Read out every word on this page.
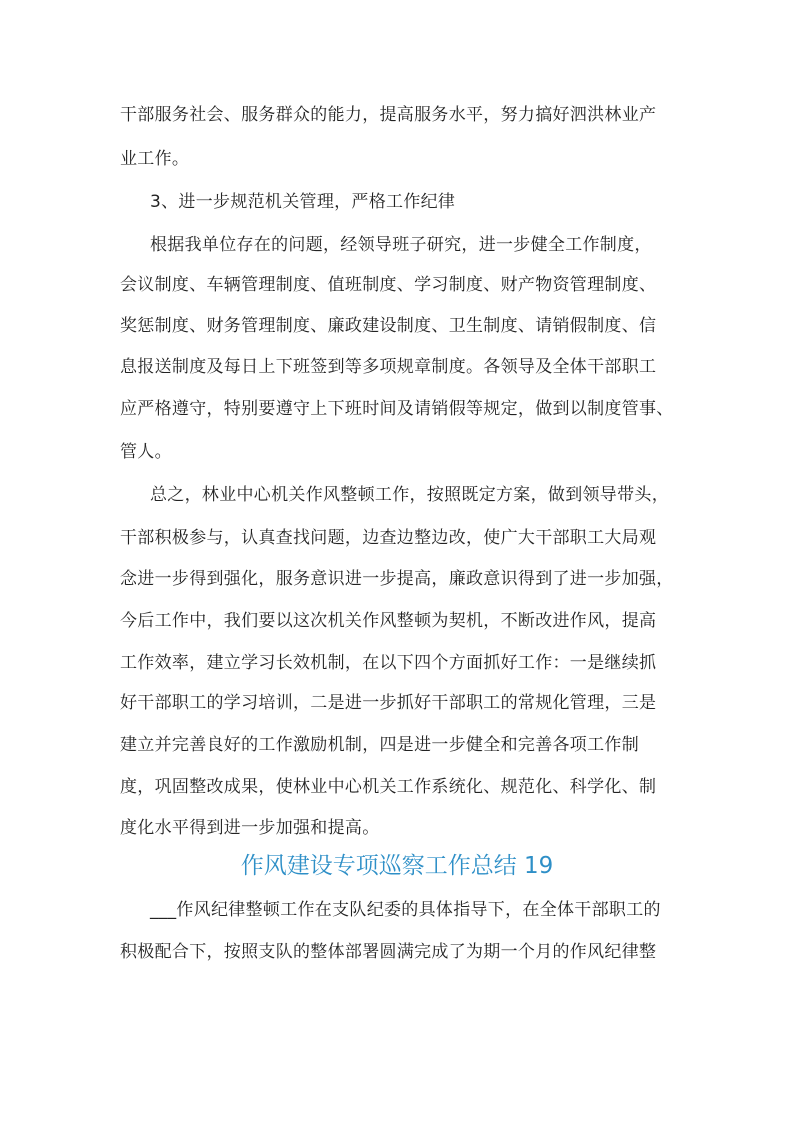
干部服务社会、服务群众的能力，提高服务水平，努力搞好泗洪林业产
业工作。
3、进一步规范机关管理，严格工作纪律
根据我单位存在的问题，经领导班子研究，进一步健全工作制度，
会议制度、车辆管理制度、值班制度、学习制度、财产物资管理制度、
奖惩制度、财务管理制度、廉政建设制度、卫生制度、请销假制度、信
息报送制度及每日上下班签到等多项规章制度。各领导及全体干部职工
应严格遵守，特别要遵守上下班时间及请销假等规定，做到以制度管事、
管人。
总之，林业中心机关作风整顿工作，按照既定方案，做到领导带头，
干部积极参与，认真查找问题，边查边整边改，使广大干部职工大局观
念进一步得到强化，服务意识进一步提高，廉政意识得到了进一步加强，
今后工作中，我们要以这次机关作风整顿为契机，不断改进作风，提高
工作效率，建立学习长效机制，在以下四个方面抓好工作：一是继续抓
好干部职工的学习培训，二是进一步抓好干部职工的常规化管理，三是
建立并完善良好的工作激励机制，四是进一步健全和完善各项工作制
度，巩固整改成果，使林业中心机关工作系统化、规范化、科学化、制
度化水平得到进一步加强和提高。
作风建设专项巡察工作总结 19
___作风纪律整顿工作在支队纪委的具体指导下，在全体干部职工的
积极配合下，按照支队的整体部署圆满完成了为期一个月的作风纪律整
